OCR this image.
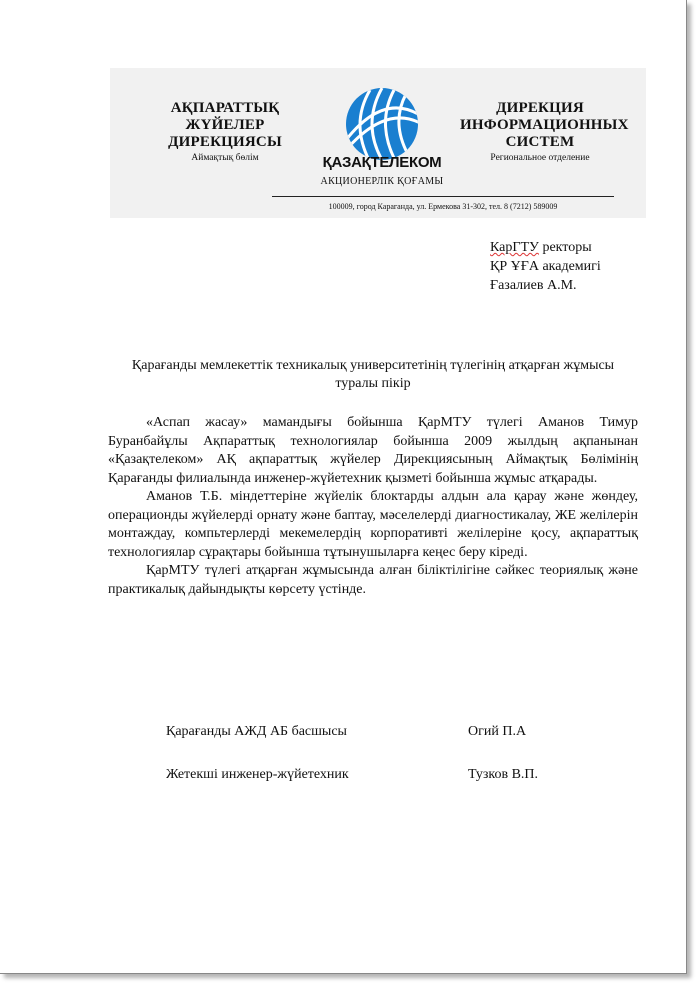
АҚПАРАТТЫҚ
ЖҮЙЕЛЕР
ДИРЕКЦИЯСЫ
Аймақтық бөлім	ҚАЗАҚТЕЛЕКОМ
АКЦИОНЕРЛІК ҚОҒАМЫ
ДИРЕКЦИЯ
ИНФОРМАЦИОННЫХ
СИСТЕМ
Региональное отделение
100009, город Караганда, ул. Ермекова 31-302, тел. 8 (7212) 589009
КарГТУ ректоры
ҚР ҰҒА академигі
Ғазалиев А.М.
Қарағанды мемлекеттік техникалық университетінің түлегінің атқарған жұмысы
туралы пікір

«Аспап жасау» мамандығы бойынша ҚарМТУ түлегі Аманов Тимур Буранбайұлы Ақпараттық технологиялар бойынша 2009 жылдың ақпанынан «Қазақтелеком» АҚ ақпараттық жүйелер Дирекциясының Аймақтық Бөлімінің Қарағанды филиалында инженер-жүйетехник қызметі бойынша жұмыс атқарады.

Аманов Т.Б. міндеттеріне жүйелік блоктарды алдын ала қарау және жөндеу, операционды жүйелерді орнату және баптау, мәселелерді диагностикалау, ЖЕ желілерін монтаждау, компьтерлерді мекемелердің корпоративті желілеріне қосу, ақпараттық технологиялар сұрақтары бойынша тұтынушыларға кеңес беру кіреді.

ҚарМТУ түлегі атқарған жұмысында алған біліктілігіне сәйкес теориялық және практикалық дайындықты көрсету үстінде.

Қарағанды АЖД АБ басшысы	Огий П.А
Жетекші инженер-жүйетехник	Тузков В.П.
